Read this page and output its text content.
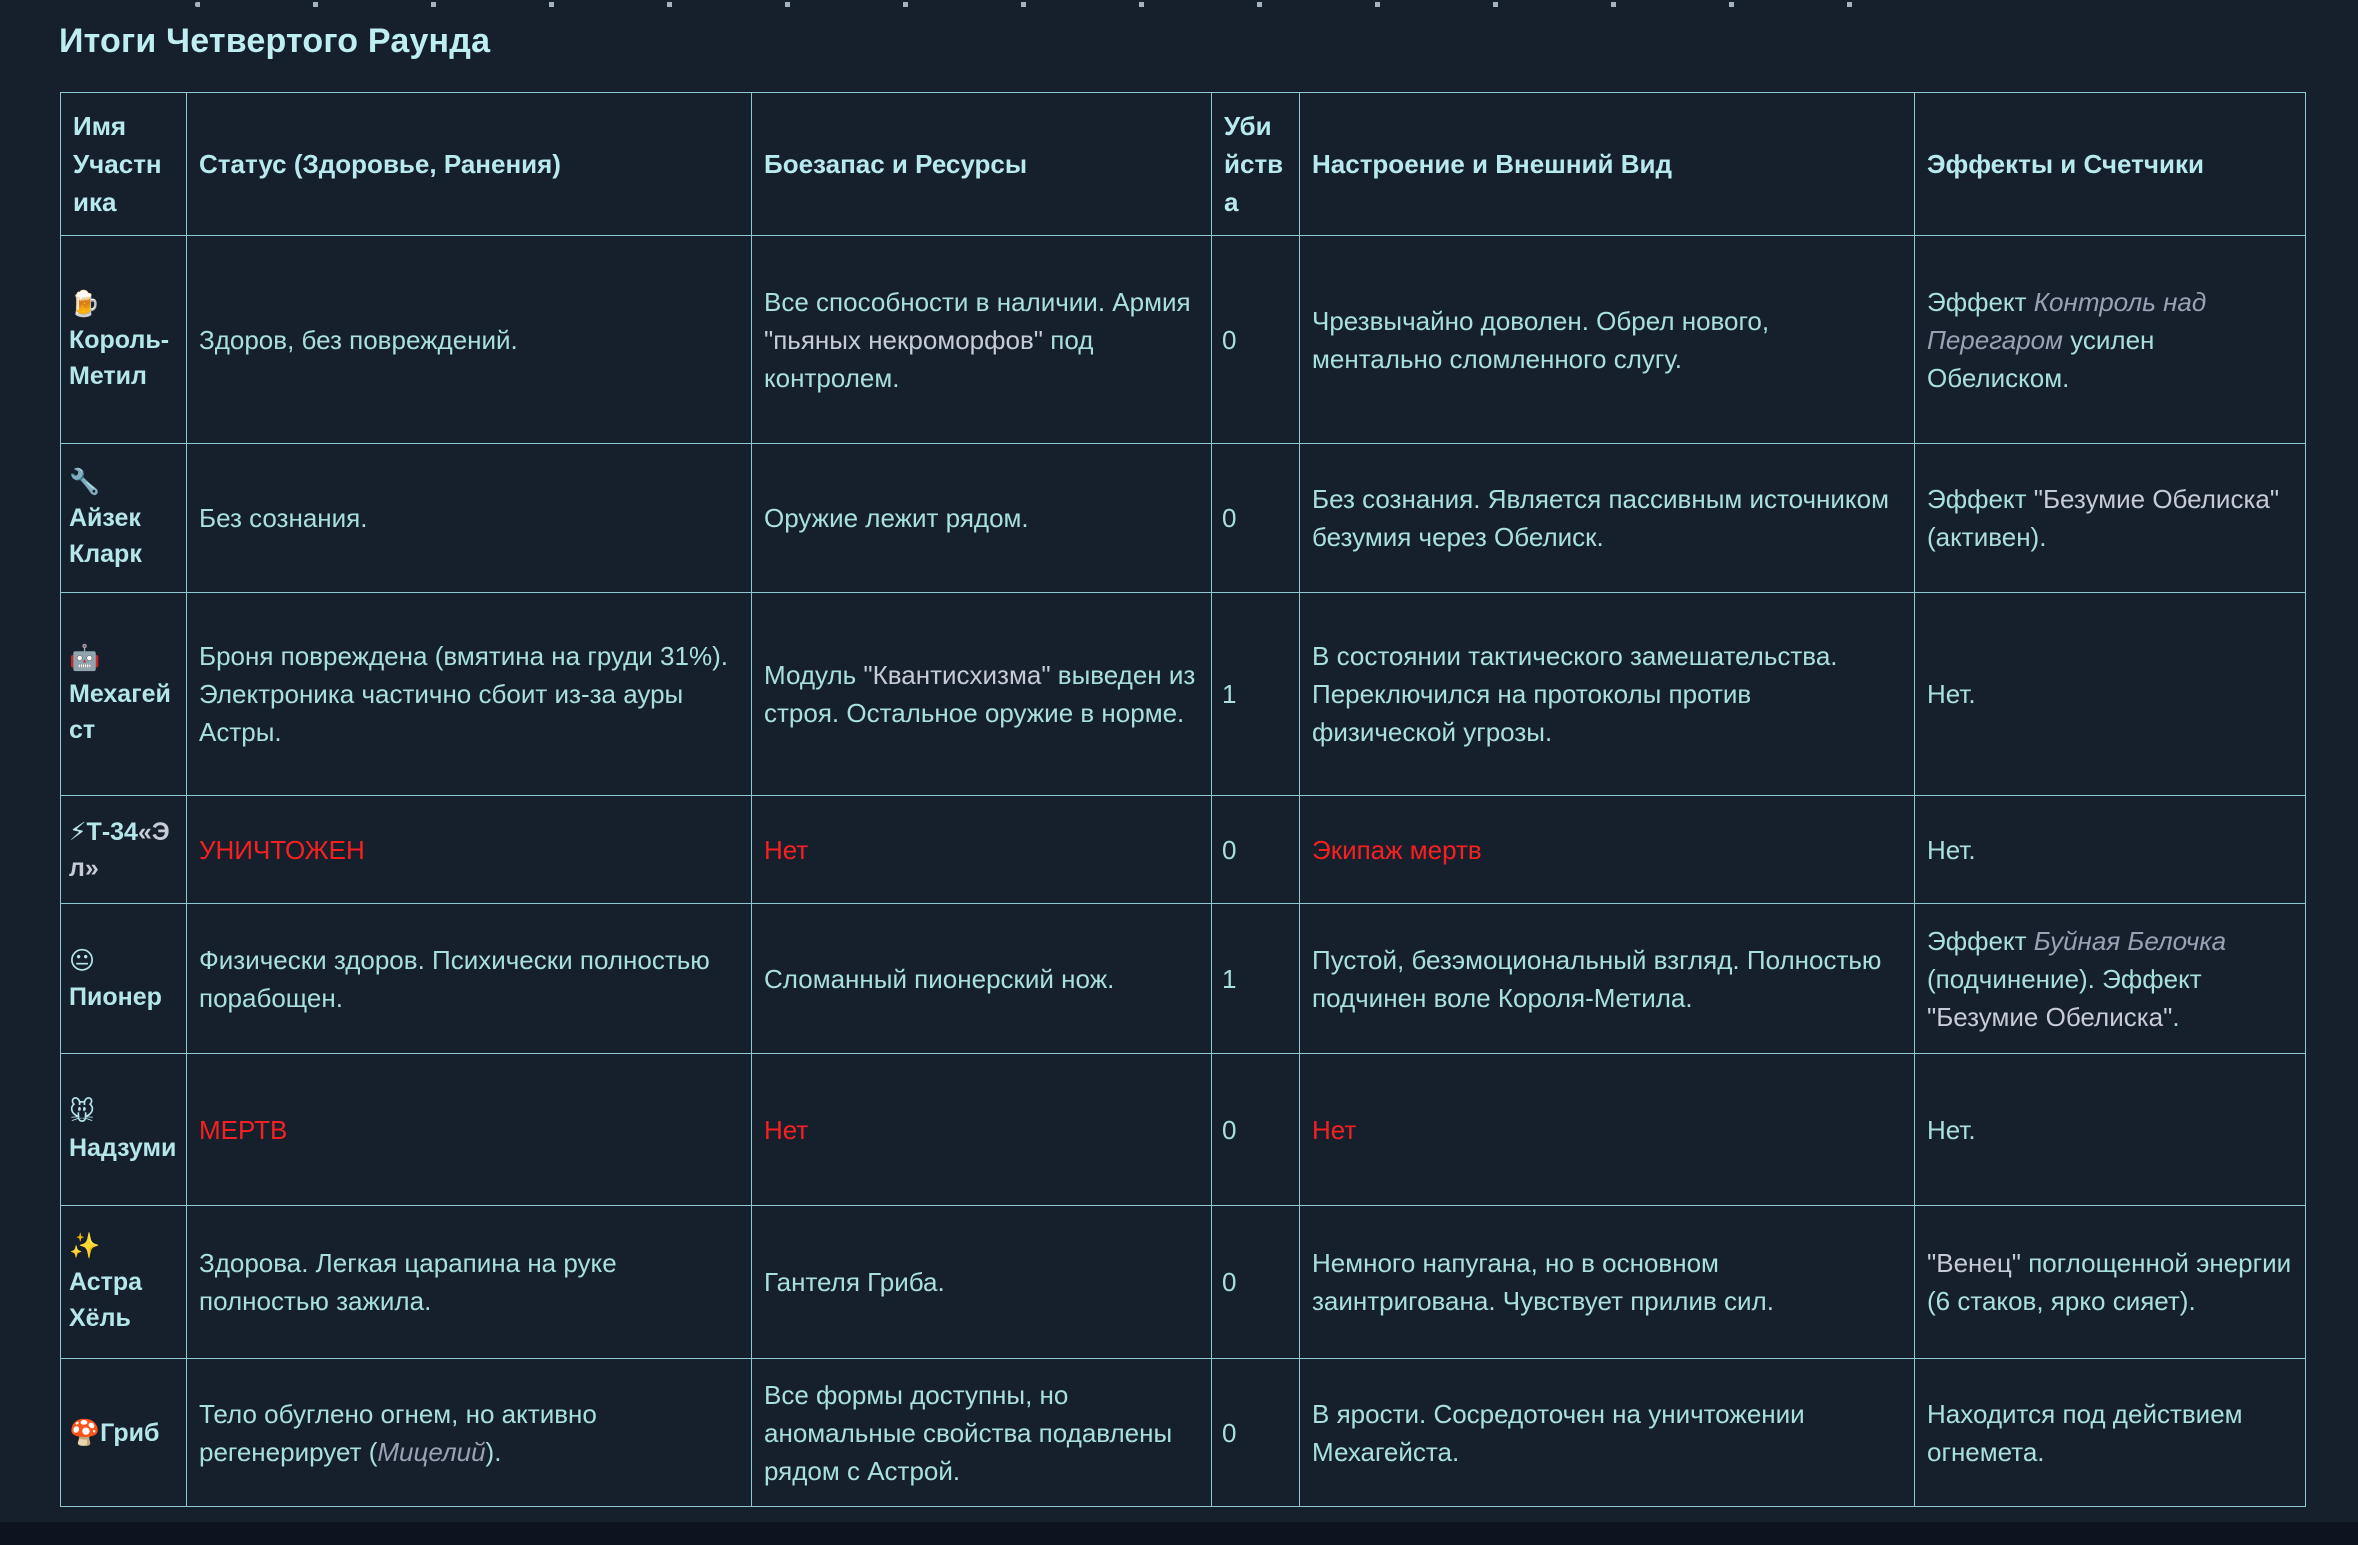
Итоги Четвертого Раунда
Имя Участника	Статус (Здоровье, Ранения)	Боезапас и Ресурсы	Убийства	Настроение и Внешний Вид	Эффекты и Счетчики
🍺 Король-Метил	Здоров, без повреждений.	Все способности в наличии. Армия "пьяных некроморфов" под контролем.	0	Чрезвычайно доволен. Обрел нового, ментально сломленного слугу.	Эффект Контроль над Перегаром усилен Обелиском.
🔧 Айзек Кларк	Без сознания.	Оружие лежит рядом.	0	Без сознания. Является пассивным источником безумия через Обелиск.	Эффект "Безумие Обелиска" (активен).
🤖 Мехагейст	Броня повреждена (вмятина на груди 31%). Электроника частично сбоит из-за ауры Астры.	Модуль "Квантисхизма" выведен из строя. Остальное оружие в норме.	1	В состоянии тактического замешательства. Переключился на протоколы против физической угрозы.	Нет.
⚡Т-34«Эл»	УНИЧТОЖЕН	Нет	0	Экипаж мертв	Нет.
😐 Пионер	Физически здоров. Психически полностью порабощен.	Сломанный пионерский нож.	1	Пустой, безэмоциональный взгляд. Полностью подчинен воле Короля-Метила.	Эффект Буйная Белочка (подчинение). Эффект "Безумие Обелиска".
🐭 Надзуми	МЕРТВ	Нет	0	Нет	Нет.
✨ Астра Хёль	Здорова. Легкая царапина на руке полностью зажила.	Гантеля Гриба.	0	Немного напугана, но в основном заинтригована. Чувствует прилив сил.	"Венец" поглощенной энергии (6 стаков, ярко сияет).
🍄Гриб	Тело обуглено огнем, но активно регенерирует (Мицелий).	Все формы доступны, но аномальные свойства подавлены рядом с Астрой.	0	В ярости. Сосредоточен на уничтожении Мехагейста.	Находится под действием огнемета.
